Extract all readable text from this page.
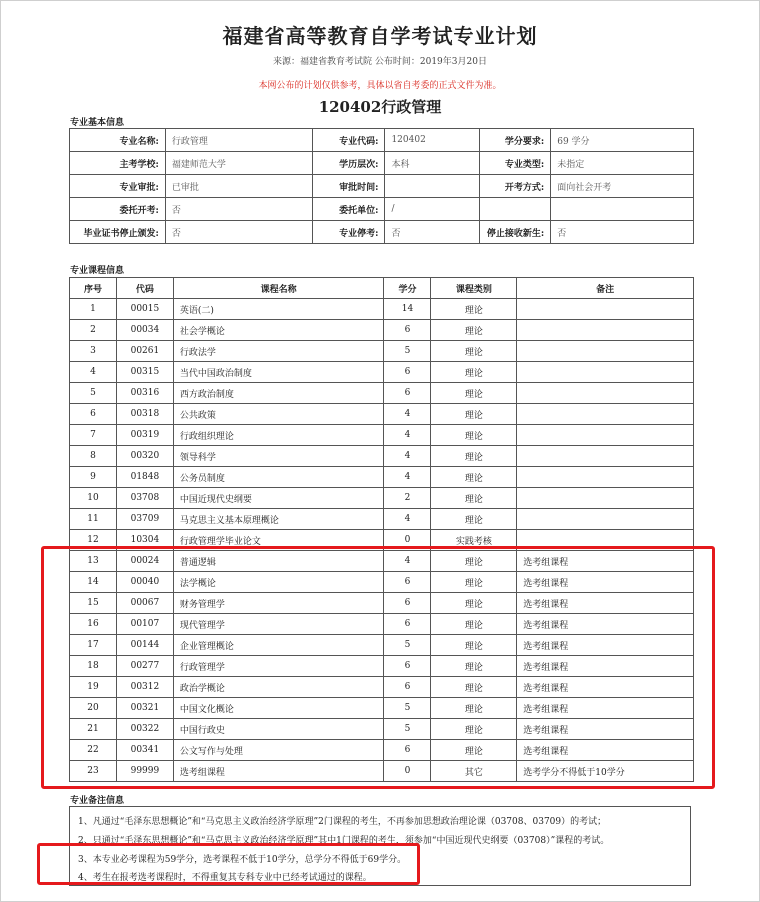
福建省高等教育自学考试专业计划
来源：福建省教育考试院 公布时间：2019年3月20日
本网公布的计划仅供参考，具体以省自考委的正式文件为准。
120402行政管理
专业基本信息
专业名称:	行政管理	专业代码:	120402	学分要求:	69 学分
主考学校:	福建师范大学	学历层次:	本科	专业类型:	未指定
专业审批:	已审批	审批时间:		开考方式:	面向社会开考
委托开考:	否	委托单位:	/		
毕业证书停止颁发:	否	专业停考:	否	停止接收新生:	否
专业课程信息
序号	代码	课程名称	学分	课程类别	备注
1	00015	英语(二)	14	理论	
2	00034	社会学概论	6	理论	
3	00261	行政法学	5	理论	
4	00315	当代中国政治制度	6	理论	
5	00316	西方政治制度	6	理论	
6	00318	公共政策	4	理论	
7	00319	行政组织理论	4	理论	
8	00320	领导科学	4	理论	
9	01848	公务员制度	4	理论	
10	03708	中国近现代史纲要	2	理论	
11	03709	马克思主义基本原理概论	4	理论	
12	10304	行政管理学毕业论文	0	实践考核	
13	00024	普通逻辑	4	理论	选考组课程
14	00040	法学概论	6	理论	选考组课程
15	00067	财务管理学	6	理论	选考组课程
16	00107	现代管理学	6	理论	选考组课程
17	00144	企业管理概论	5	理论	选考组课程
18	00277	行政管理学	6	理论	选考组课程
19	00312	政治学概论	6	理论	选考组课程
20	00321	中国文化概论	5	理论	选考组课程
21	00322	中国行政史	5	理论	选考组课程
22	00341	公文写作与处理	6	理论	选考组课程
23	99999	选考组课程	0	其它	选考学分不得低于10学分
专业备注信息
1、凡通过“毛泽东思想概论”和“马克思主义政治经济学原理”2门课程的考生，不再参加思想政治理论课（03708、03709）的考试；
2、只通过“毛泽东思想概论”和“马克思主义政治经济学原理”其中1门课程的考生，须参加“中国近现代史纲要（03708）”课程的考试。
3、本专业必考课程为59学分，选考课程不低于10学分，总学分不得低于69学分。
4、考生在报考选考课程时，不得重复其专科专业中已经考试通过的课程。
